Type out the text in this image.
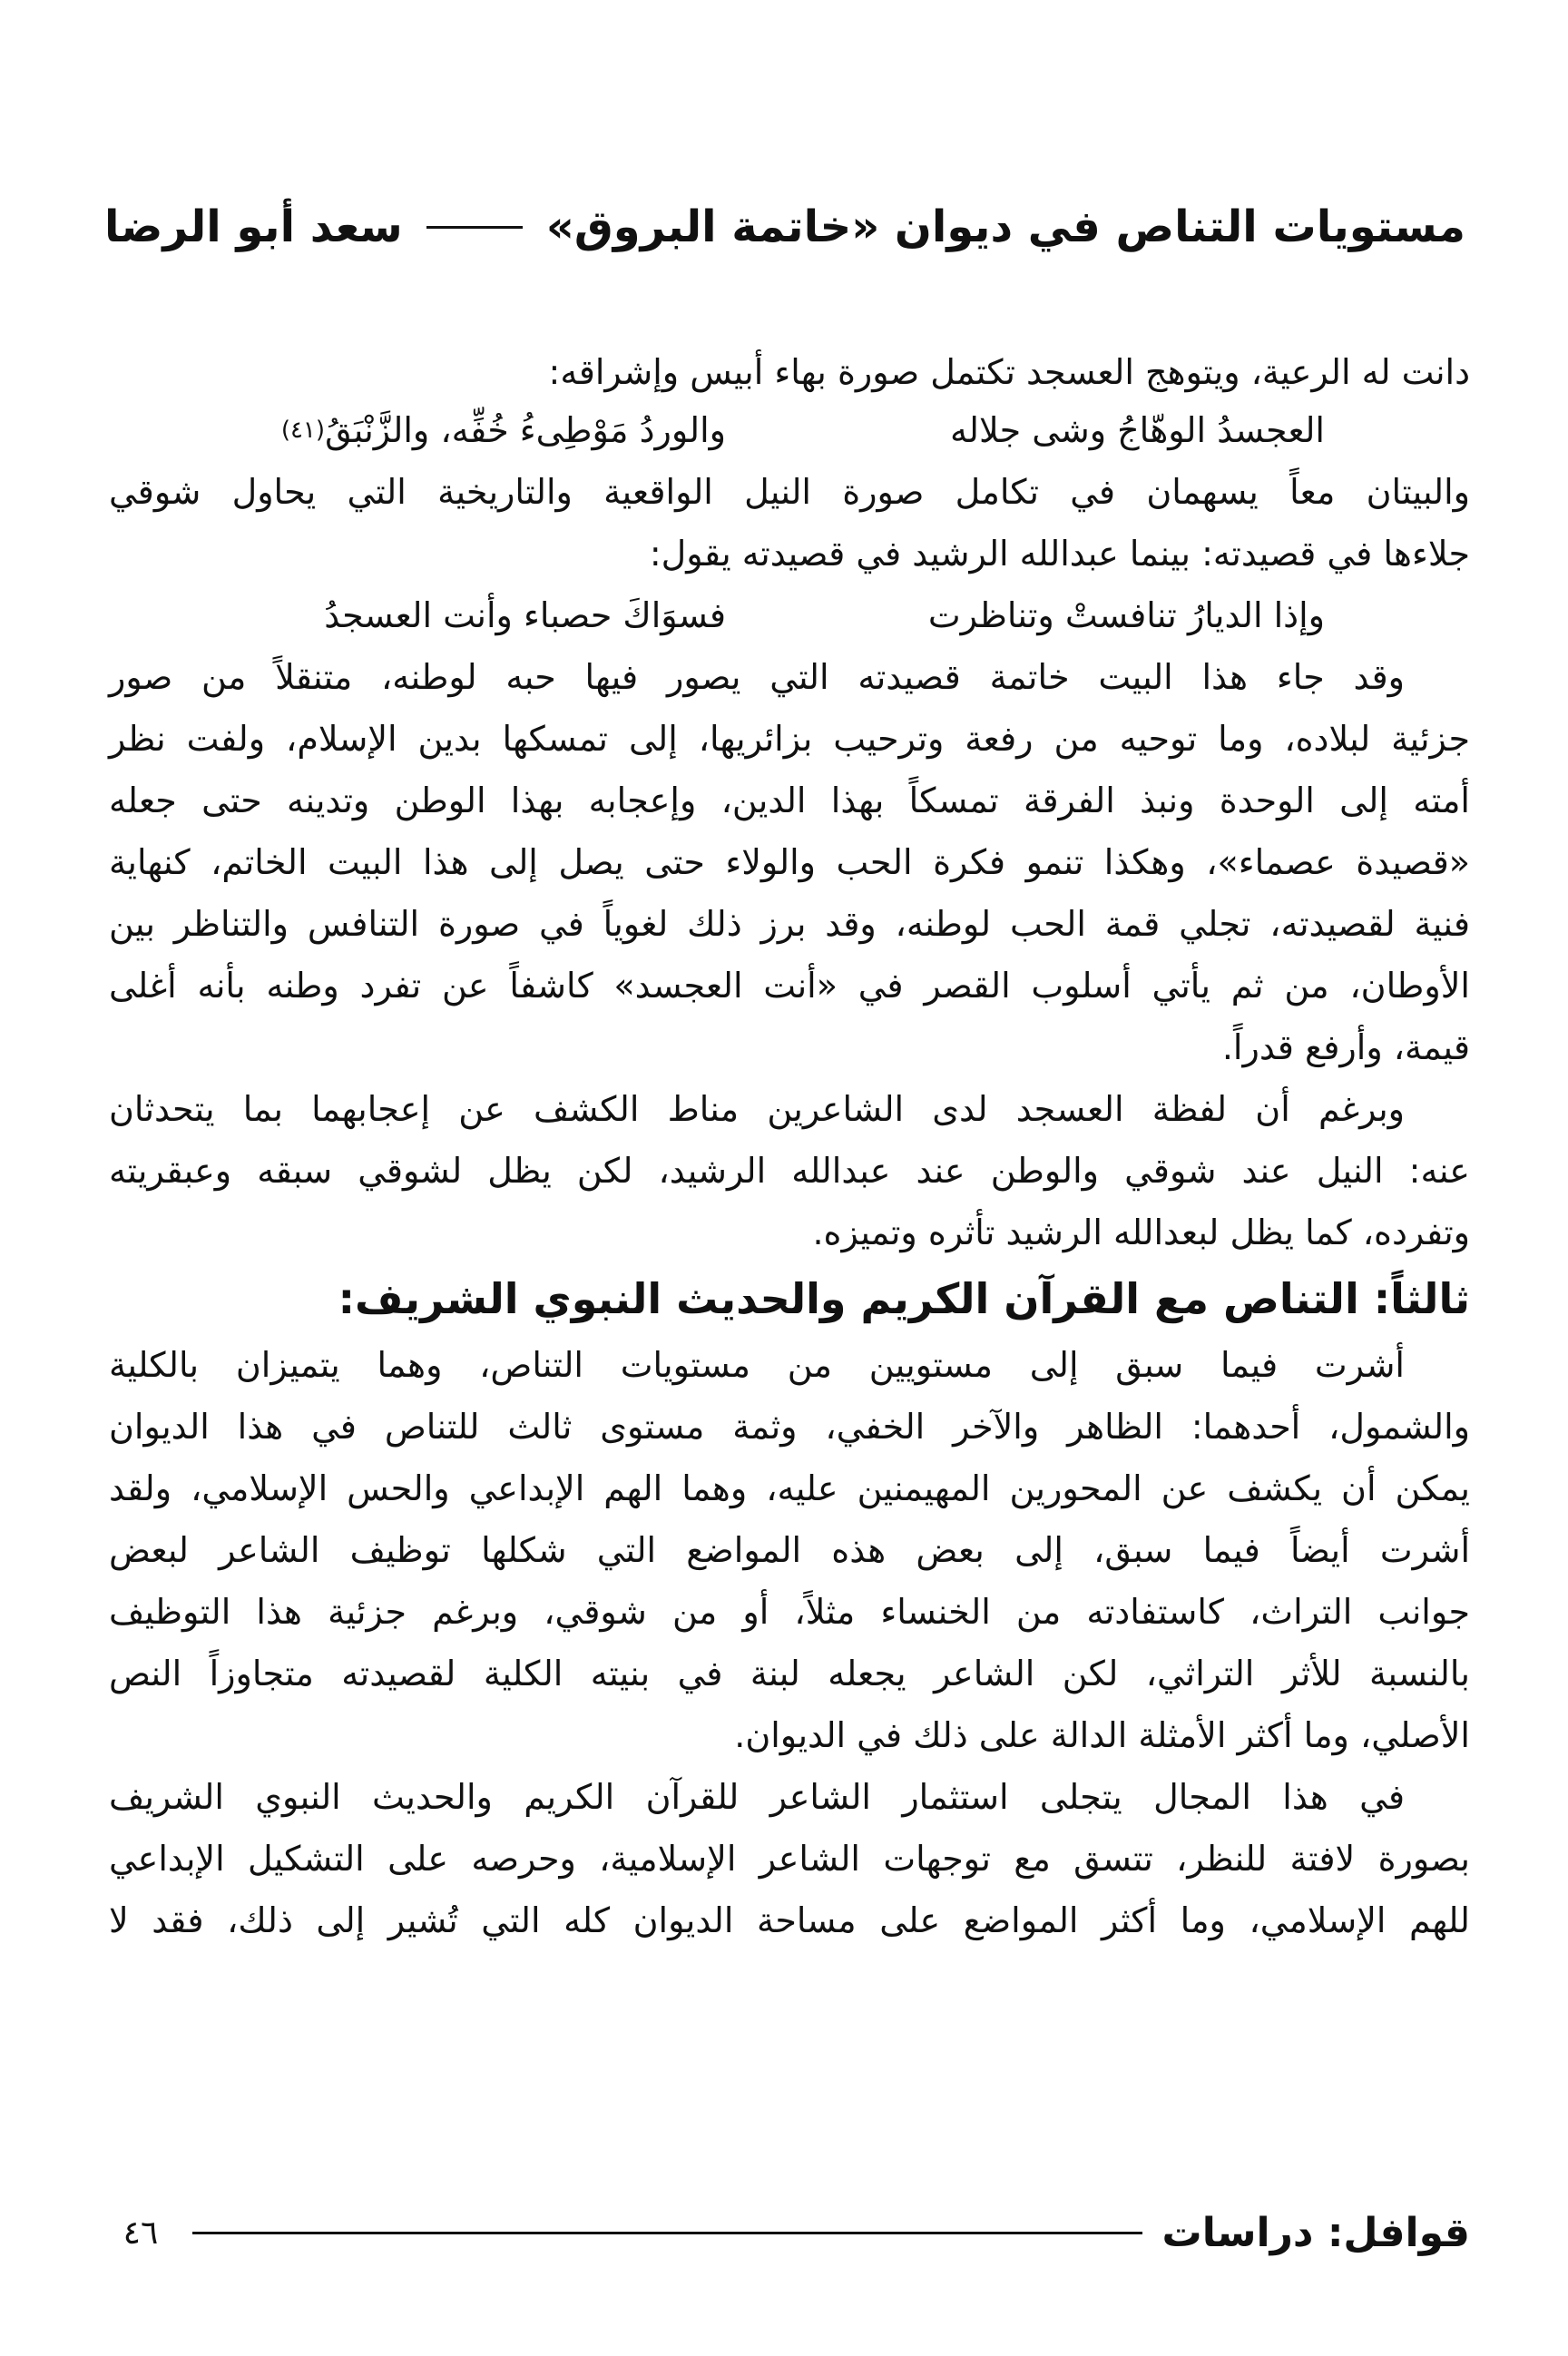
مستويات التناص في ديوان «خاتمة البروق»
سعد أبو الرضا
دانت له الرعية، ويتوهج العسجد تكتمل صورة بهاء أبيس وإشراقه:
العجسدُ الوهّاجُ وشى جلاله
والوردُ مَوْطِىءُ خُفِّه، والزَّنْبَقُ
(٤١)
والبيتان معاً يسهمان في تكامل صورة النيل الواقعية والتاريخية التي يحاول شوقي
جلاءها في قصيدته: بينما عبدالله الرشيد في قصيدته يقول:
وإذا الديارُ تنافستْ وتناظرت
فسوَاكَ حصباء وأنت العسجدُ
وقد جاء هذا البيت خاتمة قصيدته التي يصور فيها حبه لوطنه، متنقلاً من صور
جزئية لبلاده، وما توحيه من رفعة وترحيب بزائريها، إلى تمسكها بدين الإسلام، ولفت نظر
أمته إلى الوحدة ونبذ الفرقة تمسكاً بهذا الدين، وإعجابه بهذا الوطن وتدينه حتى جعله
«قصيدة عصماء»، وهكذا تنمو فكرة الحب والولاء حتى يصل إلى هذا البيت الخاتم، كنهاية
فنية لقصيدته، تجلي قمة الحب لوطنه، وقد برز ذلك لغوياً في صورة التنافس والتناظر بين
الأوطان، من ثم يأتي أسلوب القصر في «أنت العجسد» كاشفاً عن تفرد وطنه بأنه أغلى
قيمة، وأرفع قدراً.
وبرغم أن لفظة العسجد لدى الشاعرين مناط الكشف عن إعجابهما بما يتحدثان
عنه: النيل عند شوقي والوطن عند عبدالله الرشيد، لكن يظل لشوقي سبقه وعبقريته
وتفرده، كما يظل لبعدالله الرشيد تأثره وتميزه.
ثالثاً: التناص مع القرآن الكريم والحديث النبوي الشريف:
أشرت فيما سبق إلى مستويين من مستويات التناص، وهما يتميزان بالكلية
والشمول، أحدهما: الظاهر والآخر الخفي، وثمة مستوى ثالث للتناص في هذا الديوان
يمكن أن يكشف عن المحورين المهيمنين عليه، وهما الهم الإبداعي والحس الإسلامي، ولقد
أشرت أيضاً فيما سبق، إلى بعض هذه المواضع التي شكلها توظيف الشاعر لبعض
جوانب التراث، كاستفادته من الخنساء مثلاً، أو من شوقي، وبرغم جزئية هذا التوظيف
بالنسبة للأثر التراثي، لكن الشاعر يجعله لبنة في بنيته الكلية لقصيدته متجاوزاً النص
الأصلي، وما أكثر الأمثلة الدالة على ذلك في الديوان.
في هذا المجال يتجلى استثمار الشاعر للقرآن الكريم والحديث النبوي الشريف
بصورة لافتة للنظر، تتسق مع توجهات الشاعر الإسلامية، وحرصه على التشكيل الإبداعي
للهم الإسلامي، وما أكثر المواضع على مساحة الديوان كله التي تُشير إلى ذلك، فقد لا
قوافل: دراسات
٤٦
